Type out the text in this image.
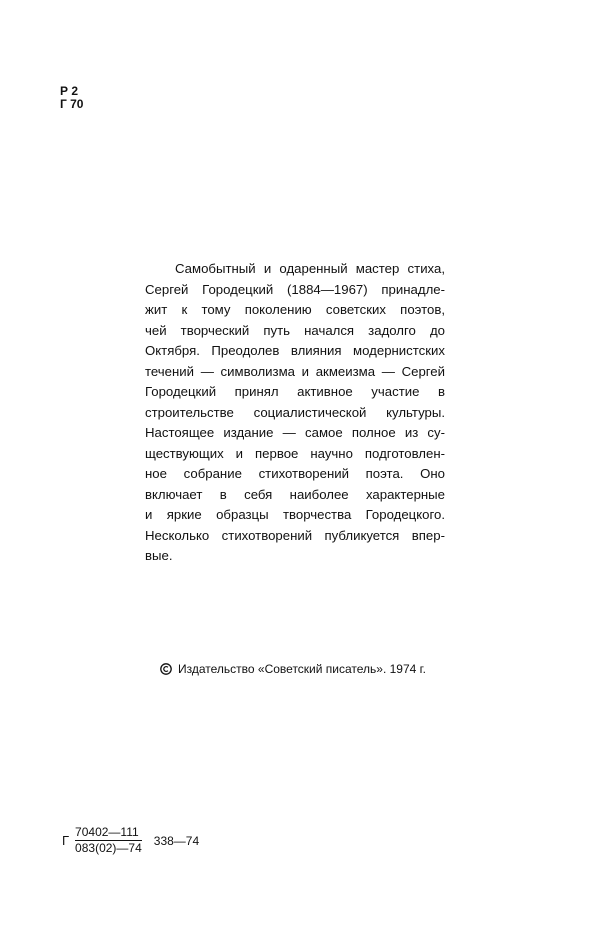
Р 2
Г 70
Самобытный и одаренный мастер стиха,
Сергей Городецкий (1884—1967) принадле-
жит к тому поколению советских поэтов,
чей творческий путь начался задолго до
Октября. Преодолев влияния модернистских
течений — символизма и акмеизма — Сергей
Городецкий принял активное участие в
строительстве социалистической культуры.
Настоящее издание — самое полное из су-
ществующих и первое научно подготовлен-
ное собрание стихотворений поэта. Оно
включает в себя наиболее характерные
и яркие образцы творчества Городецкого.
Несколько стихотворений публикуется впер-
вые.
Издательство «Советский писатель». 1974 г.
Г $\frac{70402—111}{083(02)—74}$ 338—74
